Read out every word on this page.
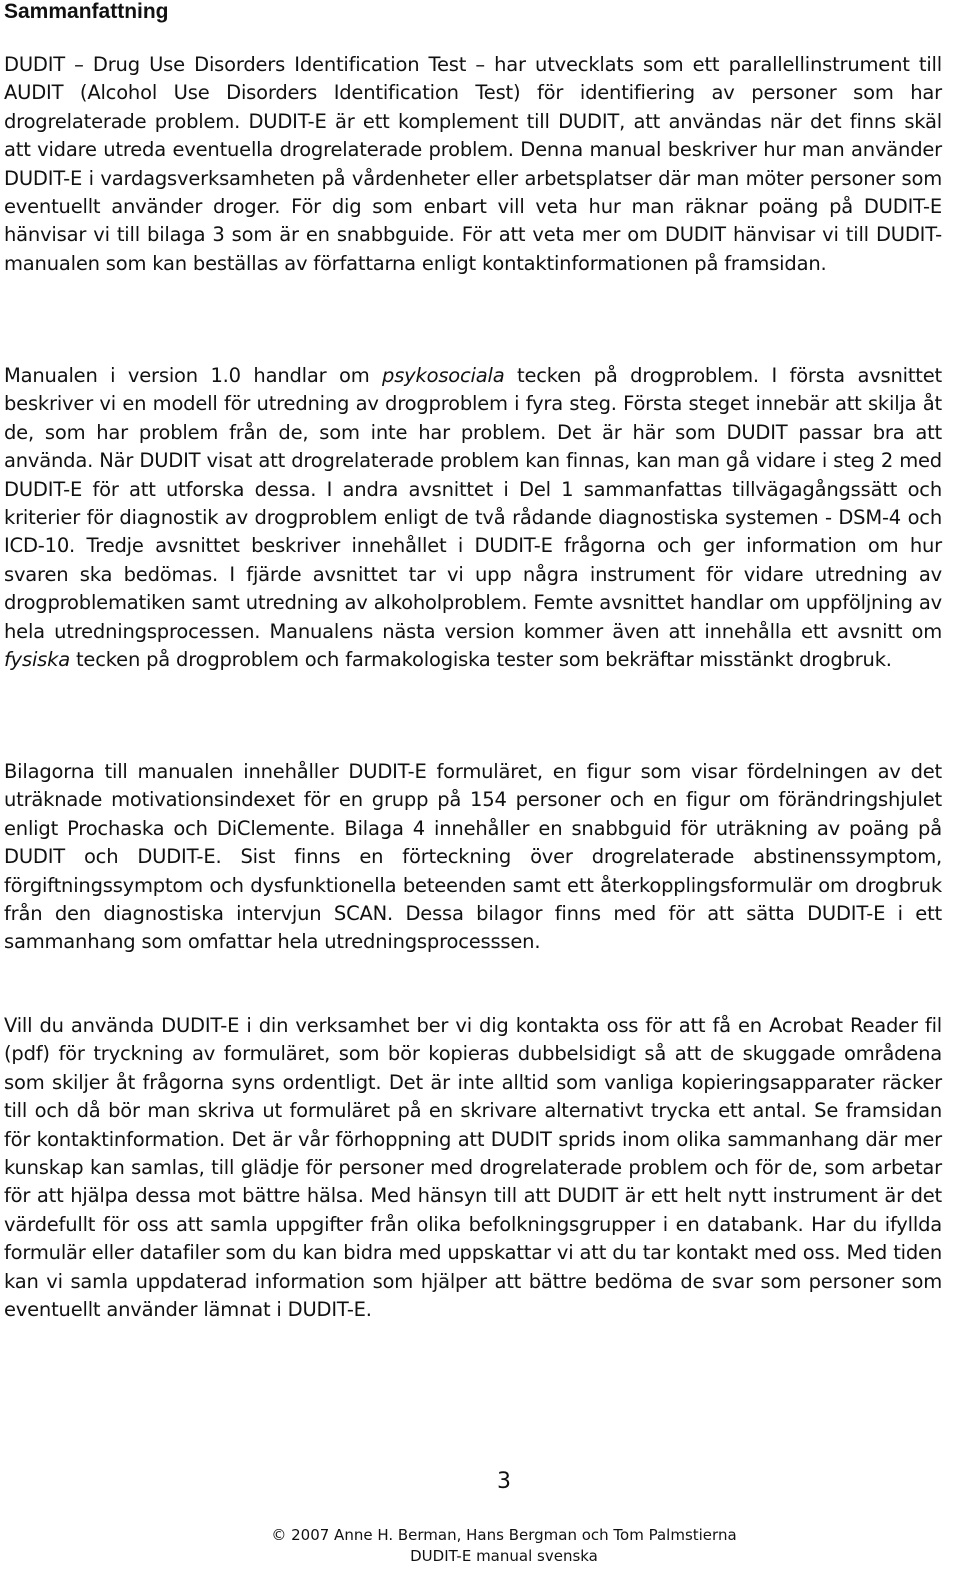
Sammanfattning

DUDIT – Drug Use Disorders Identification Test – har utvecklats som ett parallellinstrument till AUDIT (Alcohol Use Disorders Identification Test) för identifiering av personer som har drogrelaterade problem. DUDIT-E är ett komplement till DUDIT, att användas när det finns skäl att vidare utreda eventuella drogrelaterade problem. Denna manual beskriver hur man använder DUDIT-E i vardagsverksamheten på vårdenheter eller arbetsplatser där man möter personer som eventuellt använder droger. För dig som enbart vill veta hur man räknar poäng på DUDIT-E hänvisar vi till bilaga 3 som är en snabbguide. För att veta mer om DUDIT hänvisar vi till DUDIT-manualen som kan beställas av författarna enligt kontaktinformationen på framsidan.

Manualen i version 1.0 handlar om psykosociala tecken på drogproblem. I första avsnittet beskriver vi en modell för utredning av drogproblem i fyra steg. Första steget innebär att skilja åt de, som har problem från de, som inte har problem. Det är här som DUDIT passar bra att använda. När DUDIT visat att drogrelaterade problem kan finnas, kan man gå vidare i steg 2 med DUDIT-E för att utforska dessa. I andra avsnittet i Del 1 sammanfattas tillvägagångssätt och kriterier för diagnostik av drogproblem enligt de två rådande diagnostiska systemen - DSM-4 och ICD-10. Tredje avsnittet beskriver innehållet i DUDIT-E frågorna och ger information om hur svaren ska bedömas. I fjärde avsnittet tar vi upp några instrument för vidare utredning av drogproblematiken samt utredning av alkoholproblem. Femte avsnittet handlar om uppföljning av hela utredningsprocessen. Manualens nästa version kommer även att innehålla ett avsnitt om fysiska tecken på drogproblem och farmakologiska tester som bekräftar misstänkt drogbruk.

Bilagorna till manualen innehåller DUDIT-E formuläret, en figur som visar fördelningen av det uträknade motivationsindexet för en grupp på 154 personer och en figur om förändringshjulet enligt Prochaska och DiClemente. Bilaga 4 innehåller en snabbguid för uträkning av poäng på DUDIT och DUDIT-E. Sist finns en förteckning över drogrelaterade abstinenssymptom, förgiftningssymptom och dysfunktionella beteenden samt ett återkopplingsformulär om drogbruk från den diagnostiska intervjun SCAN. Dessa bilagor finns med för att sätta DUDIT-E i ett sammanhang som omfattar hela utredningsprocesssen.

Vill du använda DUDIT-E i din verksamhet ber vi dig kontakta oss för att få en Acrobat Reader fil (pdf) för tryckning av formuläret, som bör kopieras dubbelsidigt så att de skuggade områdena som skiljer åt frågorna syns ordentligt. Det är inte alltid som vanliga kopieringsapparater räcker till och då bör man skriva ut formuläret på en skrivare alternativt trycka ett antal. Se framsidan för kontaktinformation. Det är vår förhoppning att DUDIT sprids inom olika sammanhang där mer kunskap kan samlas, till glädje för personer med drogrelaterade problem och för de, som arbetar för att hjälpa dessa mot bättre hälsa. Med hänsyn till att DUDIT är ett helt nytt instrument är det värdefullt för oss att samla uppgifter från olika befolkningsgrupper i en databank. Har du ifyllda formulär eller datafiler som du kan bidra med uppskattar vi att du tar kontakt med oss. Med tiden kan vi samla uppdaterad information som hjälper att bättre bedöma de svar som personer som eventuellt använder lämnat i DUDIT-E.

3
© 2007 Anne H. Berman, Hans Bergman och Tom Palmstierna
DUDIT-E manual svenska
